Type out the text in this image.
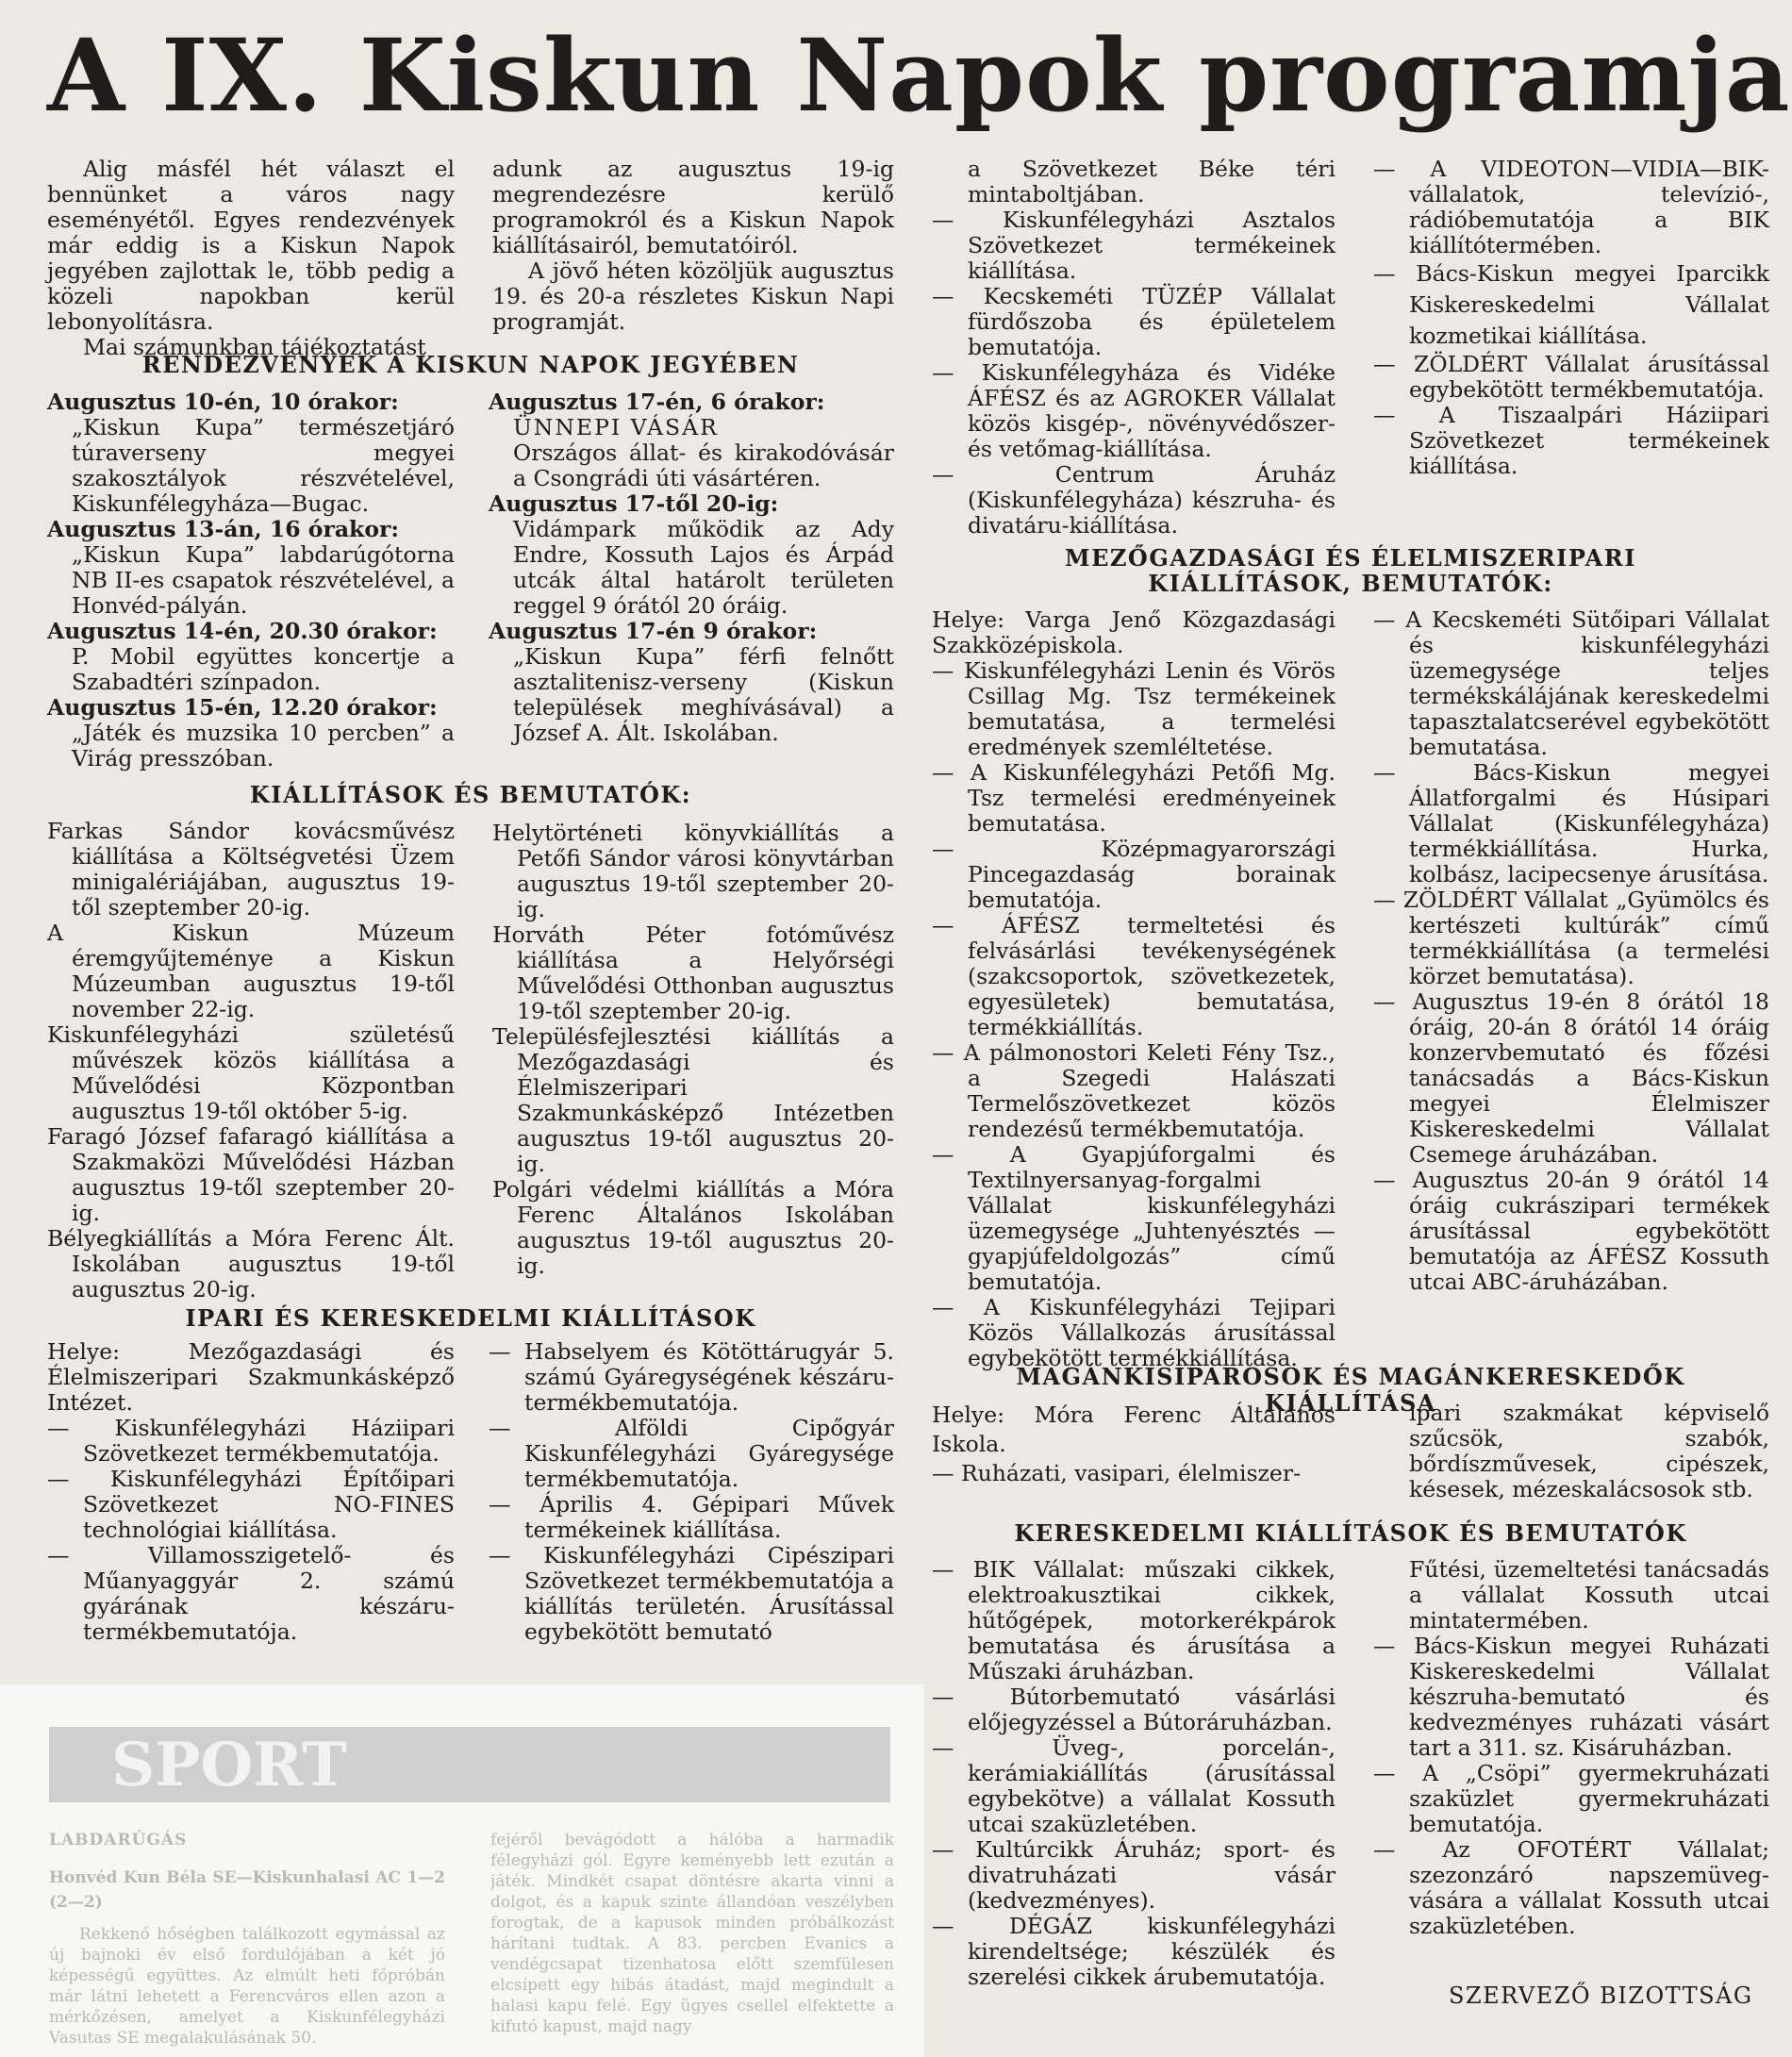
A IX. Kiskun Napok programja

Alig másfél hét választ el bennünket a város nagy eseményétől. Egyes rendezvények már eddig is a Kiskun Napok jegyében zajlottak le, több pedig a közeli napokban kerül lebonyolításra.

Mai számunkban tájékoztatást

adunk az augusztus 19-ig megrendezésre kerülő programokról és a Kiskun Napok kiállításairól, bemutatóiról.

A jövő héten közöljük augusztus 19. és 20-a részletes Kiskun Napi programját.

RENDEZVÉNYEK A KISKUN NAPOK JEGYÉBEN

Augusztus 10-én, 10 órakor:

„Kiskun Kupa” természetjáró túraverseny megyei szakosztályok részvételével, Kiskunfélegyháza—Bugac.

Augusztus 13-án, 16 órakor:

„Kiskun Kupa” labdarúgótorna NB II-es csapatok részvételével, a Honvéd-pályán.

Augusztus 14-én, 20.30 órakor:

P. Mobil együttes koncertje a Szabadtéri színpadon.

Augusztus 15-én, 12.20 órakor:

„Játék és muzsika 10 percben” a Virág presszóban.

Augusztus 17-én, 6 órakor:

ÜNNEPI VÁSÁR

Országos állat- és kirakodóvásár a Csongrádi úti vásártéren.

Augusztus 17-től 20-ig:

Vidámpark működik az Ady Endre, Kossuth Lajos és Árpád utcák által határolt területen reggel 9 órától 20 óráig.

Augusztus 17-én 9 órakor:

„Kiskun Kupa” férfi felnőtt asztalitenisz-verseny (Kiskun települések meghívásával) a József A. Ált. Iskolában.

KIÁLLÍTÁSOK ÉS BEMUTATÓK:

Farkas Sándor kovácsművész kiállítása a Költségvetési Üzem minigalériájában, augusztus 19-től szeptember 20-ig.

A Kiskun Múzeum éremgyűjteménye a Kiskun Múzeumban augusztus 19-től november 22-ig.

Kiskunfélegyházi születésű művészek közös kiállítása a Művelődési Központban augusztus 19-től október 5-ig.

Faragó József fafaragó kiállítása a Szakmaközi Művelődési Házban augusztus 19-től szeptember 20-ig.

Bélyegkiállítás a Móra Ferenc Ált. Iskolában augusztus 19-től augusztus 20-ig.

Helytörténeti könyvkiállítás a Petőfi Sándor városi könyvtárban augusztus 19-től szeptember 20-ig.

Horváth Péter fotóművész kiállítása a Helyőrségi Művelődési Otthonban augusztus 19-től szeptember 20-ig.

Településfejlesztési kiállítás a Mezőgazdasági és Élelmiszeripari Szakmunkásképző Intézetben augusztus 19-től augusztus 20-ig.

Polgári védelmi kiállítás a Móra Ferenc Általános Iskolában augusztus 19-től augusztus 20-ig.

IPARI ÉS KERESKEDELMI KIÁLLÍTÁSOK

Helye: Mezőgazdasági és Élelmiszeripari Szakmunkásképző Intézet.

— Kiskunfélegyházi Háziipari Szövetkezet termékbemutatója.

— Kiskunfélegyházi Építőipari Szövetkezet NO-FINES technológiai kiállítása.

— Villamosszigetelő- és Műanyaggyár 2. számú gyárának készáru-termékbemutatója.

— Habselyem és Kötöttárugyár 5. számú Gyáregységének készáru-termékbemutatója.

— Alföldi Cipőgyár Kiskunfélegyházi Gyáregysége termékbemutatója.

— Április 4. Gépipari Művek termékeinek kiállítása.

— Kiskunfélegyházi Cipészipari Szövetkezet termékbemutatója a kiállítás területén. Árusítással egybekötött bemutató

a Szövetkezet Béke téri mintaboltjában.

— Kiskunfélegyházi Asztalos Szövetkezet termékeinek kiállítása.

— Kecskeméti TÜZÉP Vállalat fürdőszoba és épületelem bemutatója.

— Kiskunfélegyháza és Vidéke ÁFÉSZ és az AGROKER Vállalat közös kisgép-, növényvédőszer- és vetőmag-kiállítása.

— Centrum Áruház (Kiskunfélegyháza) készruha- és divatáru-kiállítása.

— A VIDEOTON—VIDIA—BIK-vállalatok, televízió-, rádióbemutatója a BIK kiállítótermében.

— Bács-Kiskun megyei Iparcikk Kiskereskedelmi Vállalat kozmetikai kiállítása.

— ZÖLDÉRT Vállalat árusítással egybekötött termékbemutatója.

— A Tiszaalpári Háziipari Szövetkezet termékeinek kiállítása.

MEZŐGAZDASÁGI ÉS ÉLELMISZERIPARI
KIÁLLÍTÁSOK, BEMUTATÓK:

Helye: Varga Jenő Közgazdasági Szakközépiskola.

— Kiskunfélegyházi Lenin és Vörös Csillag Mg. Tsz termékeinek bemutatása, a termelési eredmények szemléltetése.

— A Kiskunfélegyházi Petőfi Mg. Tsz termelési eredményeinek bemutatása.

— Középmagyarországi Pincegazdaság borainak bemutatója.

— ÁFÉSZ termeltetési és felvásárlási tevékenységének (szakcsoportok, szövetkezetek, egyesületek) bemutatása, termékkiállítás.

— A pálmonostori Keleti Fény Tsz., a Szegedi Halászati Termelőszövetkezet közös rendezésű termékbemutatója.

— A Gyapjúforgalmi és Textilnyersanyag-forgalmi Vállalat kiskunfélegyházi üzemegysége „Juhtenyésztés — gyapjúfeldolgozás” című bemutatója.

— A Kiskunfélegyházi Tejipari Közös Vállalkozás árusítással egybekötött termékkiállítása.

— A Kecskeméti Sütőipari Vállalat és kiskunfélegyházi üzemegysége teljes termékskálájának kereskedelmi tapasztalatcserével egybekötött bemutatása.

— Bács-Kiskun megyei Állatforgalmi és Húsipari Vállalat (Kiskunfélegyháza) termékkiállítása. Hurka, kolbász, lacipecsenye árusítása.

— ZÖLDÉRT Vállalat „Gyümölcs és kertészeti kultúrák” című termékkiállítása (a termelési körzet bemutatása).

— Augusztus 19-én 8 órától 18 óráig, 20-án 8 órától 14 óráig konzervbemutató és főzési tanácsadás a Bács-Kiskun megyei Élelmiszer Kiskereskedelmi Vállalat Csemege áruházában.

— Augusztus 20-án 9 órától 14 óráig cukrászipari termékek árusítással egybekötött bemutatója az ÁFÉSZ Kossuth utcai ABC-áruházában.

MAGÁNKISIPAROSOK ÉS MAGÁNKERESKEDŐK KIÁLLÍTÁSA

Helye: Móra Ferenc Általános Iskola.

— Ruházati, vasipari, élelmiszer-

ipari szakmákat képviselő szűcsök, szabók, bőrdíszművesek, cipészek, késesek, mézeskalácsosok stb.

KERESKEDELMI KIÁLLÍTÁSOK ÉS BEMUTATÓK

— BIK Vállalat: műszaki cikkek, elektroakusztikai cikkek, hűtőgépek, motorkerékpárok bemutatása és árusítása a Műszaki áruházban.

— Bútorbemutató vásárlási előjegyzéssel a Bútoráruházban.

— Üveg-, porcelán-, kerámiakiállítás (árusítással egybekötve) a vállalat Kossuth utcai szaküzletében.

— Kultúrcikk Áruház; sport- és divatruházati vásár (kedvezményes).

— DÉGÁZ kiskunfélegyházi kirendeltsége; készülék és szerelési cikkek árubemutatója.

Fűtési, üzemeltetési tanácsadás a vállalat Kossuth utcai mintatermében.

— Bács-Kiskun megyei Ruházati Kiskereskedelmi Vállalat készruha-bemutató és kedvezményes ruházati vásárt tart a 311. sz. Kisáruházban.

— A „Csöpi” gyermekruházati szaküzlet gyermekruházati bemutatója.

— Az OFOTÉRT Vállalat; szezonzáró napszemüveg-vására a vállalat Kossuth utcai szaküzletében.

SZERVEZŐ BIZOTTSÁG
SPORT
LABDARÚGÁS
Honvéd Kun Béla SE—Kiskunhalasi AC 1—2 (2—2)
Rekkenő hőségben találkozott egymással az új bajnoki év első fordulójában a két jó képességű együttes. Az elmúlt heti főpróbán már látni lehetett a Ferencváros ellen azon a mérkőzésen, amelyet a Kiskunfélegyházi Vasutas SE megalakulásának 50.
fejéről bevágódott a hálóba a harmadik félegyházi gól. Egyre keményebb lett ezután a játék. Mindkét csapat döntésre akarta vinni a dolgot, és a kapuk szinte állandóan veszélyben forogtak, de a kapusok minden próbálkozást hárítani tudtak. A 83. percben Evanics a vendégcsapat tizenhatosa előtt szemfülesen elcsípett egy hibás átadást, majd megindult a halasi kapu felé. Egy ügyes csellel elfektette a kifutó kapust, majd nagy
